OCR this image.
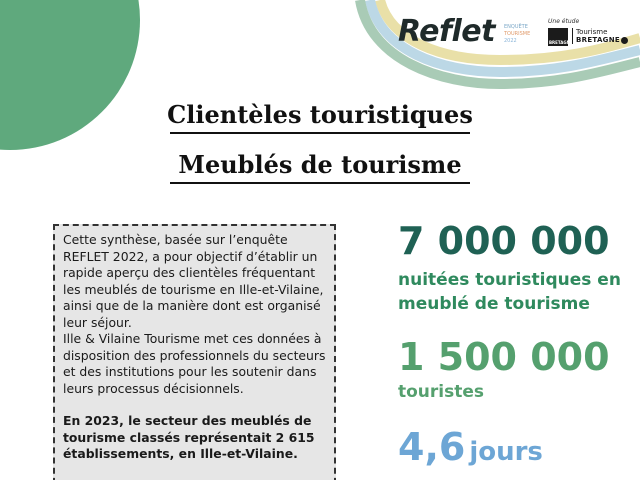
Reflet ENQUÊTE
TOURISME
2022
Une étude
BRETAGNE
Tourisme
BRETAGNE
Clientèles touristiques
Meublés de tourisme

Cette synthèse, basée sur l’enquête REFLET 2022, a pour objectif d’établir un rapide aperçu des clientèles fréquentant les meublés de tourisme en Ille-et-Vilaine, ainsi que de la manière dont est organisé leur séjour.

Ille & Vilaine Tourisme met ces données à disposition des professionnels du secteurs et des institutions pour les soutenir dans leurs processus décisionnels.

En 2023, le secteur des meublés de tourisme classés représentait 2 615 établissements, en Ille-et-Vilaine.

7 000 000
nuitées touristiques en
meublé de tourisme
1 500 000
touristes
4,6 jours
